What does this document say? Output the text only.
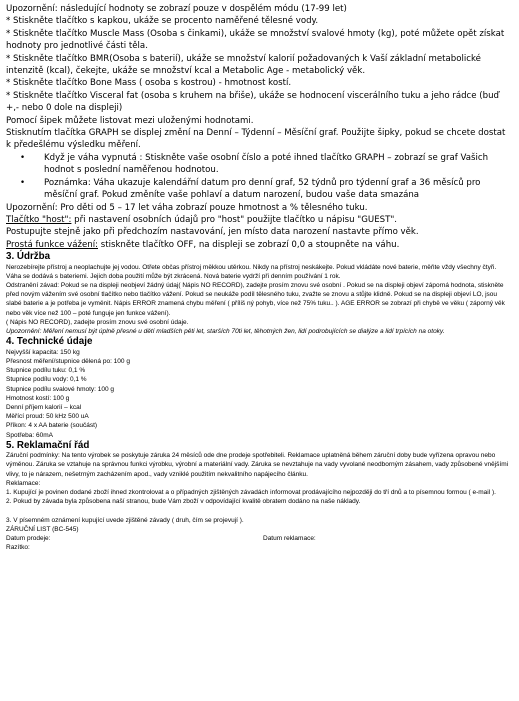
Upozornění: následující hodnoty se zobrazí pouze v dospělém módu (17-99 let)

* Stiskněte tlačítko s kapkou, ukáže se procento naměřené tělesné vody.

* Stiskněte tlačítko Muscle Mass (Osoba s činkami), ukáže se množství svalové hmoty (kg), poté můžete opět získat hodnoty pro jednotlivé části těla.

* Stiskněte tlačítko BMR(Osoba s baterií), ukáže se množství kalorií požadovaných k Vaší základní metabolické intenzitě (kcal), čekejte, ukáže se množství kcal a Metabolic Age - metabolický věk.

* Stiskněte tlačítko Bone Mass ( osoba s kostrou) - hmotnost kostí.

* Stiskněte tlačítko Visceral fat (osoba s kruhem na břiše), ukáže se hodnocení viscerálního tuku a jeho rádce (buď +,- nebo 0 dole na displeji)

Pomocí šipek můžete listovat mezi uloženými hodnotami.

Stisknutím tlačítka GRAPH se displej změní na Denní – Týdenní – Měsíční graf. Použijte šipky, pokud se chcete dostat k předešlému výsledku měření.

• Když je váha vypnutá : Stiskněte vaše osobní číslo a poté ihned tlačítko GRAPH – zobrazí se graf Vašich hodnot s poslední naměřenou hodnotou.
• Poznámka: Váha ukazuje kalendářní datum pro denní graf, 52 týdnů pro týdenní graf a 36 měsíců pro měsíční graf. Pokud změníte vaše pohlaví a datum narození, budou vaše data smazána

Upozornění: Pro děti od 5 – 17 let váha zobrazí pouze hmotnost a % tělesného tuku.

Tlačítko "host": při nastavení osobních údajů pro "host" použijte tlačítko u nápisu "GUEST".

Postupujte stejně jako při předchozím nastavování, jen místo data narození nastavte přímo věk.

Prostá funkce vážení: stiskněte tlačítko OFF, na displeji se zobrazí 0,0 a stoupněte na váhu.

3. Údržba

Nerozebírejte přístroj a neoplachujte jej vodou. Otřete občas přístroj měkkou utěrkou. Nikdy na přístroj neskákejte. Pokud vkládáte nové baterie, měňte vždy všechny čtyři. Váha se dodává s bateriemi. Jejich doba použití může být zkrácená. Nová baterie vydrží při denním používání 1 rok.

Odstranění závad: Pokud se na displeji neobjeví žádný údaj( Nápis NO RECORD), zadejte prosím znovu své osobní . Pokud se na displeji objeví záporná hodnota, stiskněte před novým vážením své osobní tlačítko nebo tlačítko vážení. Pokud se neukáže podíl tělesného tuku, zvažte se znovu a stůjte klidně. Pokud se na displeji objeví LO, jsou slabé baterie a je potřeba je vyměnit. Nápis ERROR znamená chybu měření ( příliš ný pohyb, více než 75% tuku.. ). AGE ERROR se zobrazí při chybě ve věku ( záporný věk nebo věk více než 100 – poté funguje jen funkce vážení).

( Nápis NO RECORD), zadejte prosím znovu své osobní údaje.

Upozornění: Měření nemusí být úplně přesné u dětí mladších pěti let, starších 70ti let, těhotných žen, lidí podrobujících se dialýze a lidí trpících na otoky.

4. Technické údaje

Nejvyšší kapacita: 150 kg

Přesnost měření/stupnice dělená po: 100 g

Stupnice podílu tuku: 0,1 %

Stupnice podílu vody: 0,1 %

Stupnice podílu svalové hmoty: 100 g

Hmotnost kostí: 100 g

Denní příjem kalorií – kcal

Měřící proud: 50 kHz 500 uA

Příkon: 4 x AA baterie (součást)

Spotřeba: 60mA

5. Reklamační řád

Záruční podmínky: Na tento výrobek se poskytuje záruka 24 měsíců ode dne prodeje spotřebiteli. Reklamace uplatněná během záruční doby bude vyřízena opravou nebo výměnou. Záruka se vztahuje na správnou funkci výrobku, výrobní a materiální vady. Záruka se nevztahuje na vady vyvolané neodborným zásahem, vady způsobené vnějšími vlivy, to je nárazem, nešetrným zacházením apod., vady vzniklé použitím nekvalitního napájecího článku.

Reklamace:

1. Kupující je povinen dodané zboží ihned zkontrolovat a o případných zjištěných závadách informovat prodávajícího nejpozději do tří dnů a to písemnou formou ( e-mail ).

2. Pokud by závada byla způsobena naší stranou, bude Vám zboží v odpovídající kvalitě obratem dodáno na naše náklady.

3. V písemném oznámení kupující uvede zjištěné závady ( druh, čím se projevují ).

ZÁRUČNÍ LIST (BC-545)

Datum prodeje:	Datum reklamace:

Razítko:
